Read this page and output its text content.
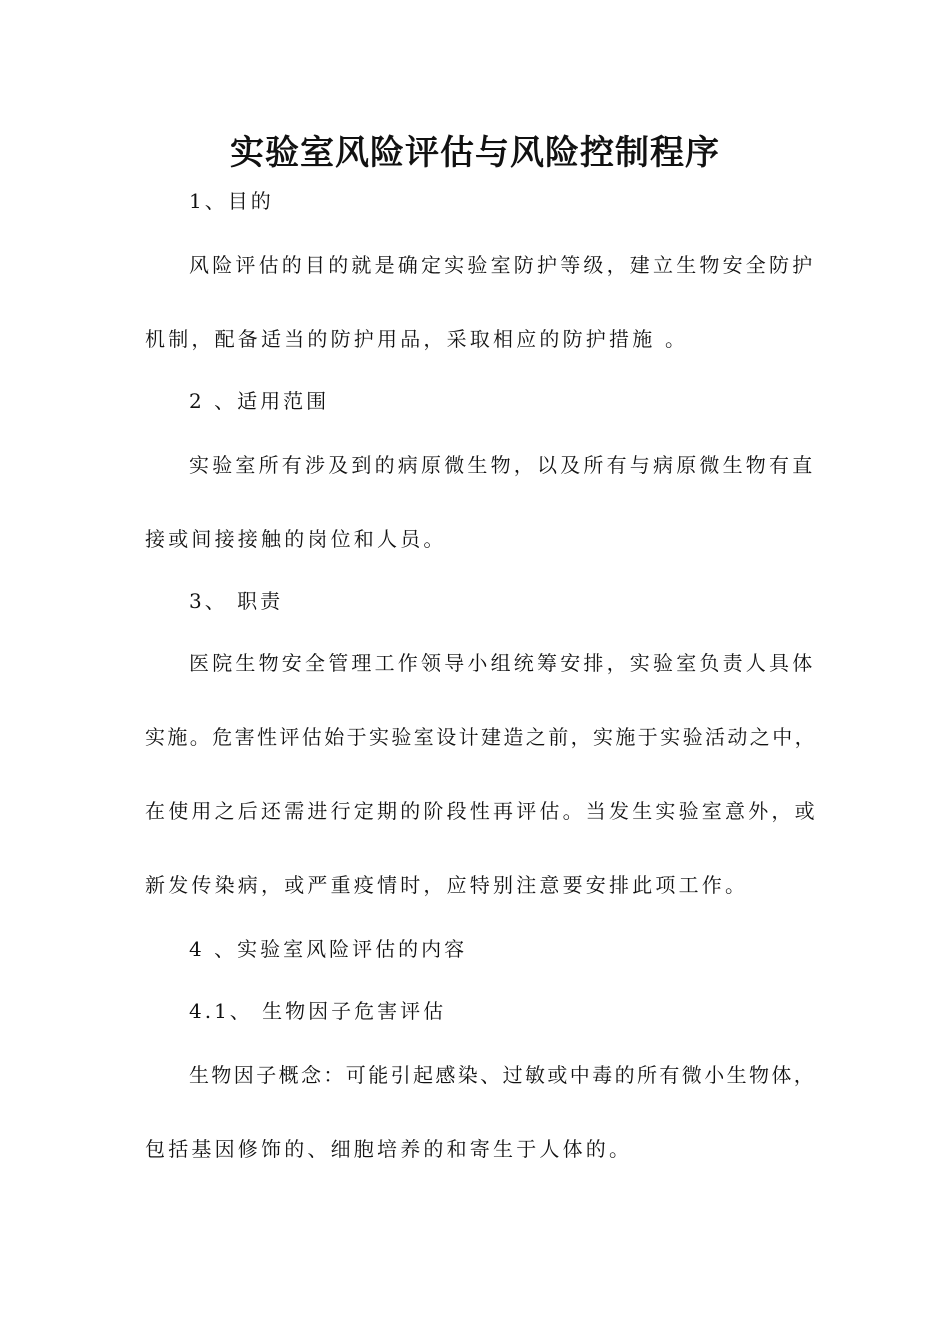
实验室风险评估与风险控制程序
1、目的
风险评估的目的就是确定实验室防护等级，建立生物安全防护
机制，配备适当的防护用品，采取相应的防护措施 。
2 、适用范围
实验室所有涉及到的病原微生物，以及所有与病原微生物有直
接或间接接触的岗位和人员。
3、 职责
医院生物安全管理工作领导小组统筹安排，实验室负责人具体
实施。危害性评估始于实验室设计建造之前，实施于实验活动之中，
在使用之后还需进行定期的阶段性再评估。当发生实验室意外，或
新发传染病，或严重疫情时，应特别注意要安排此项工作。
4 、实验室风险评估的内容
4.1、 生物因子危害评估
生物因子概念：可能引起感染、过敏或中毒的所有微小生物体，
包括基因修饰的、细胞培养的和寄生于人体的。
